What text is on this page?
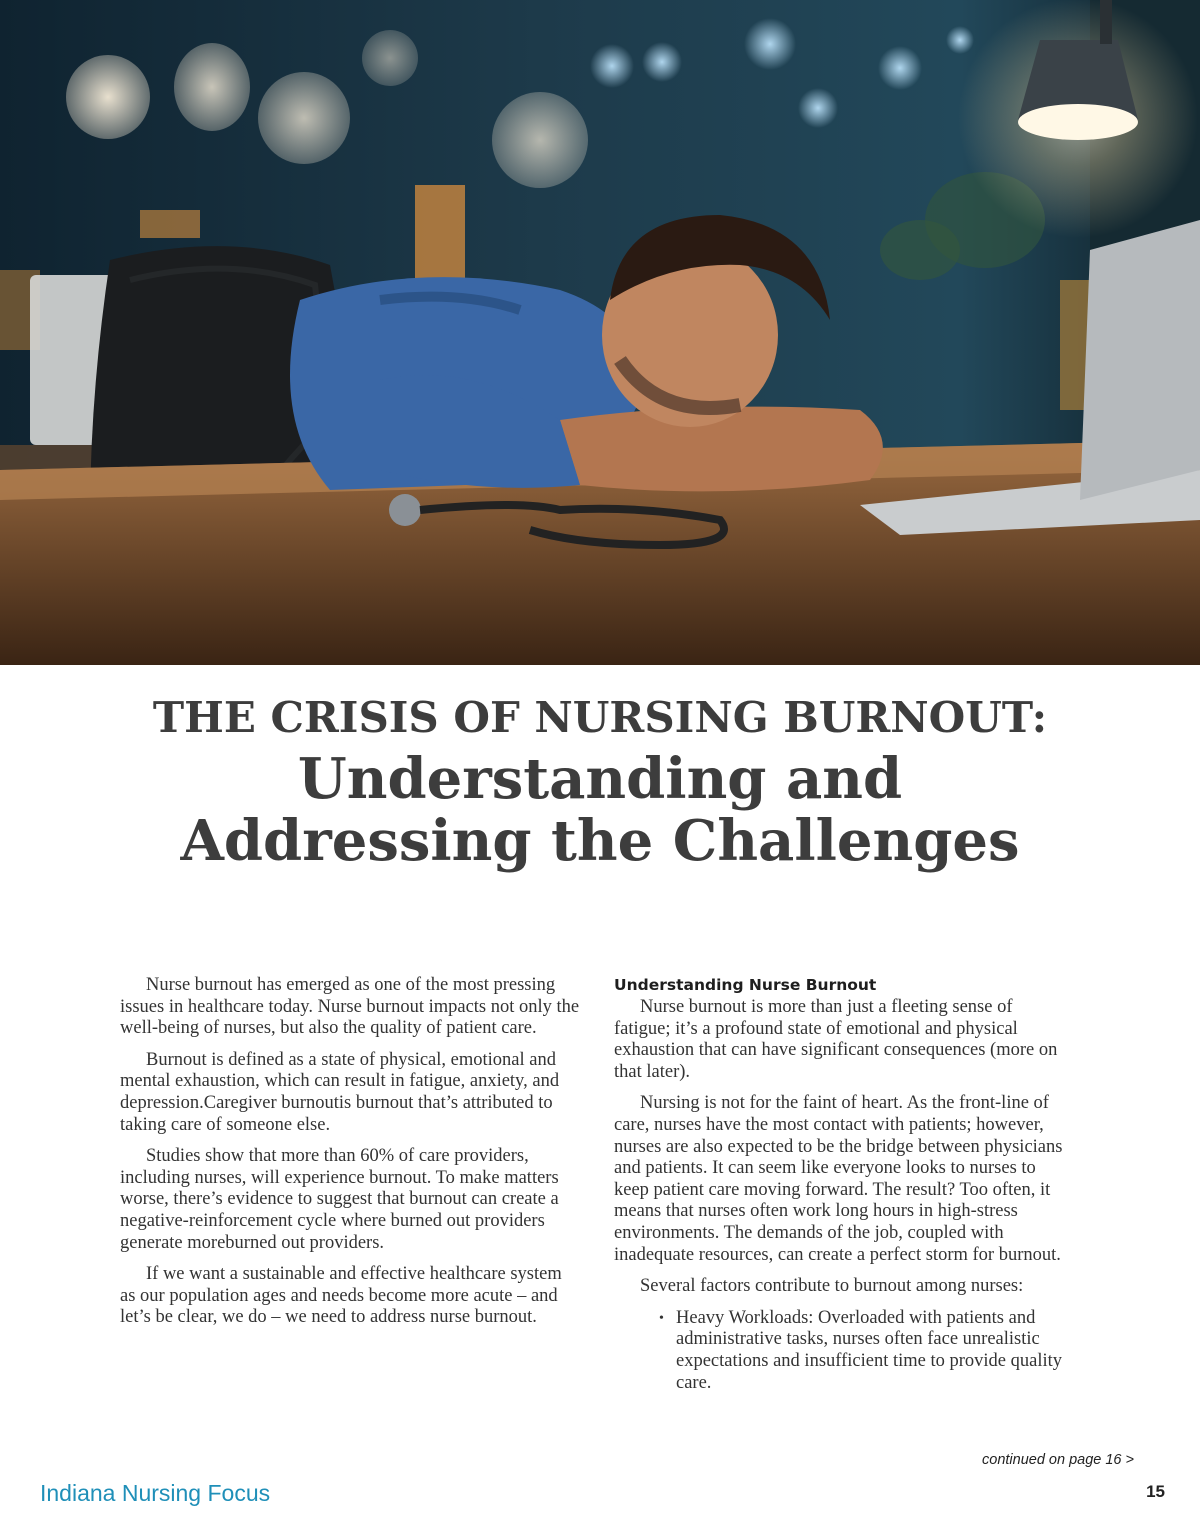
THE CRISIS OF NURSING BURNOUT:
Understanding and
Addressing the Challenges

Nurse burnout has emerged as one of the most pressing issues in healthcare today. Nurse burnout impacts not only the well-being of nurses, but also the quality of patient care.

Burnout is defined as a state of physical, emotional and mental exhaustion, which can result in fatigue, anxiety, and depression.Caregiver burnoutis burnout that’s attributed to taking care of someone else.

Studies show that more than 60% of care providers, including nurses, will experience burnout. To make matters worse, there’s evidence to suggest that burnout can create a negative-reinforcement cycle where burned out providers generate moreburned out providers.

If we want a sustainable and effective healthcare system as our population ages and needs become more acute – and let’s be clear, we do – we need to address nurse burnout.

Understanding Nurse Burnout

Nurse burnout is more than just a fleeting sense of fatigue; it’s a profound state of emotional and physical exhaustion that can have significant consequences (more on that later).

Nursing is not for the faint of heart. As the front-line of care, nurses have the most contact with patients; however, nurses are also expected to be the bridge between physicians and patients. It can seem like everyone looks to nurses to keep patient care moving forward. The result? Too often, it means that nurses often work long hours in high-stress environments. The demands of the job, coupled with inadequate resources, can create a perfect storm for burnout.

Several factors contribute to burnout among nurses:

• Heavy Workloads: Overloaded with patients and administrative tasks, nurses often face unrealistic expectations and insufficient time to provide quality care.
continued on page 16 >
Indiana Nursing Focus	15
